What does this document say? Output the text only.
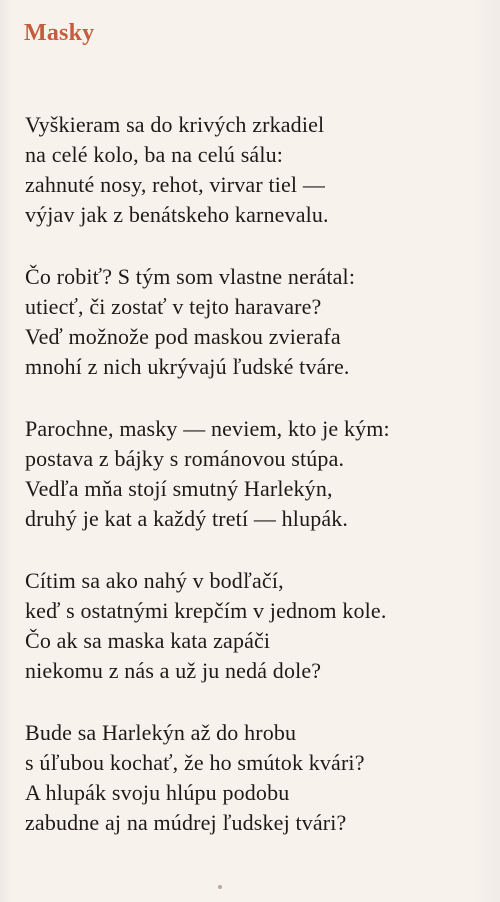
Masky
Vyškieram sa do krivých zrkadiel
na celé kolo, ba na celú sálu:
zahnuté nosy, rehot, virvar tiel —
výjav jak z benátskeho karnevalu.
Čo robiť? S tým som vlastne nerátal:
utiecť, či zostať v tejto haravare?
Veď možnože pod maskou zvierafa
mnohí z nich ukrývajú ľudské tváre.
Parochne, masky — neviem, kto je kým:
postava z bájky s románovou stúpa.
Vedľa mňa stojí smutný Harlekýn,
druhý je kat a každý tretí — hlupák.
Cítim sa ako nahý v bodľačí,
keď s ostatnými krepčím v jednom kole.
Čo ak sa maska kata zapáči
niekomu z nás a už ju nedá dole?
Bude sa Harlekýn až do hrobu
s úľubou kochať, že ho smútok kvári?
A hlupák svoju hlúpu podobu
zabudne aj na múdrej ľudskej tvári?
